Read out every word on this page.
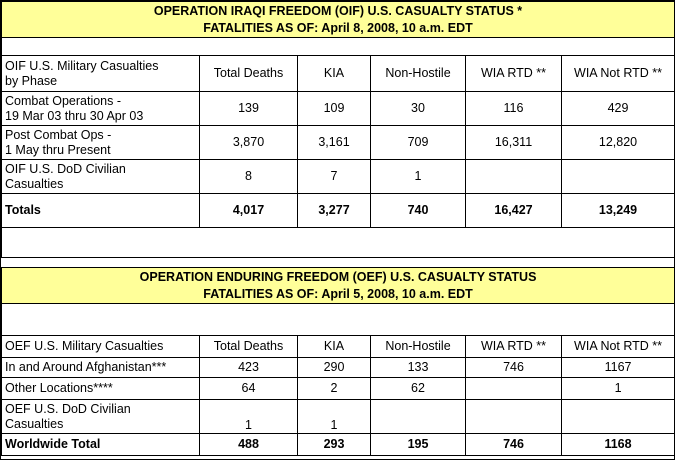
OPERATION IRAQI FREEDOM (OIF) U.S. CASUALTY STATUS *
FATALITIES AS OF: April 8, 2008, 10 a.m. EDT					

OIF U.S. Military Casualties
by Phase	Total Deaths	KIA	Non-Hostile	WIA RTD **	WIA Not RTD **

Combat Operations -
19 Mar 03 thru 30 Apr 03	139	109	30	116	429

Post Combat Ops -
1 May thru Present	3,870	3,161	709	16,311	12,820

OIF U.S. DoD Civilian
Casualties	8	7	1		
Totals	4,017	3,277	740	16,427	13,249

OPERATION ENDURING FREEDOM (OEF) U.S. CASUALTY STATUS
FATALITIES AS OF: April 5, 2008, 10 a.m. EDT					

OEF U.S. Military Casualties	Total Deaths	KIA	Non-Hostile	WIA RTD **	WIA Not RTD **
In and Around Afghanistan***	423	290	133	746	1167
Other Locations****	64	2	62		1

OEF U.S. DoD Civilian
Casualties	1	1			
Worldwide Total	488	293	195	746	1168
